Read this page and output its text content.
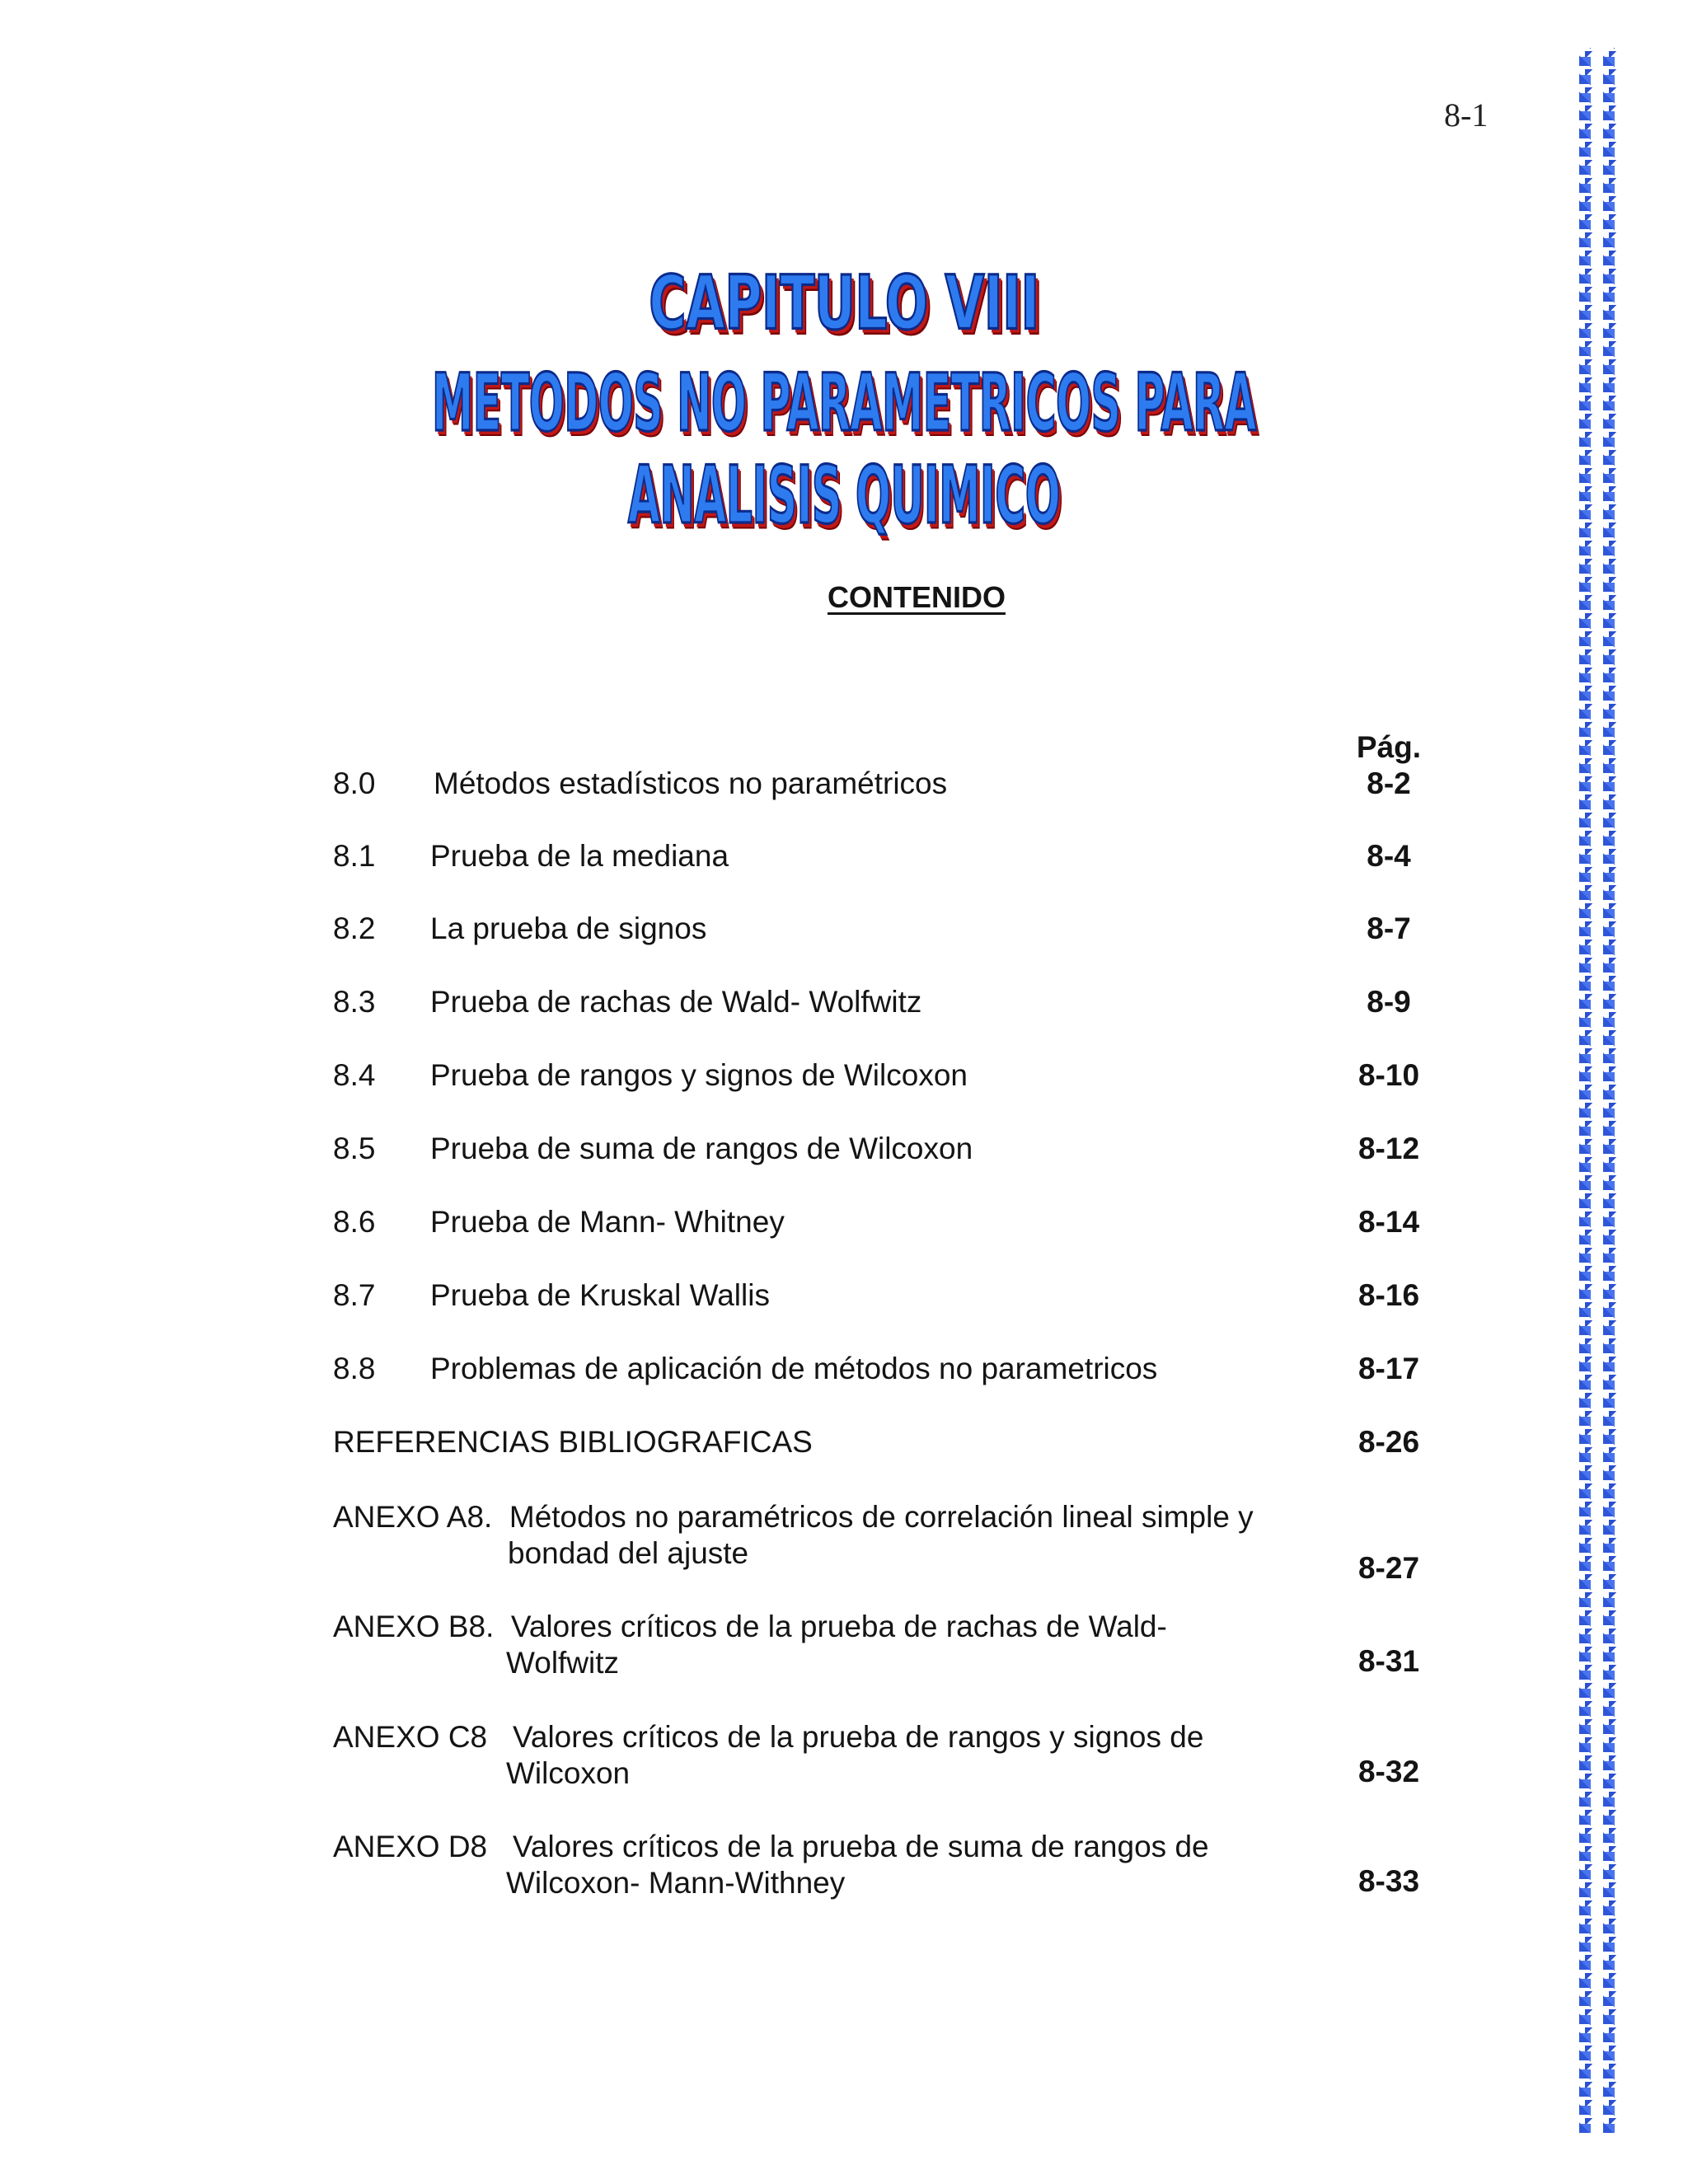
8-1
CAPITULO VIII
METODOS NO PARAMETRICOS PARA ANALISIS QUIMICO
CONTENIDO
Pág.
8.0 Métodos estadísticos no paramétricos	8-2
8.1 Prueba de la mediana	8-4
8.2 La prueba de signos	8-7
8.3 Prueba de rachas de Wald- Wolfwitz	8-9
8.4 Prueba de rangos y signos de Wilcoxon	8-10
8.5 Prueba de suma de rangos de Wilcoxon	8-12
8.6 Prueba de Mann- Whitney	8-14
8.7 Prueba de Kruskal Wallis	8-16
8.8 Problemas de aplicación de métodos no parametricos	8-17
REFERENCIAS BIBLIOGRAFICAS	8-26
ANEXO A8.  Métodos no paramétricos de correlación lineal simple y
bondad del ajuste	8-27
ANEXO B8.  Valores críticos de la prueba de rachas de Wald-
Wolfwitz	8-31
ANEXO C8   Valores críticos de la prueba de rangos y signos de
Wilcoxon	8-32
ANEXO D8   Valores críticos de la prueba de suma de rangos de
Wilcoxon- Mann-Withney	8-33
